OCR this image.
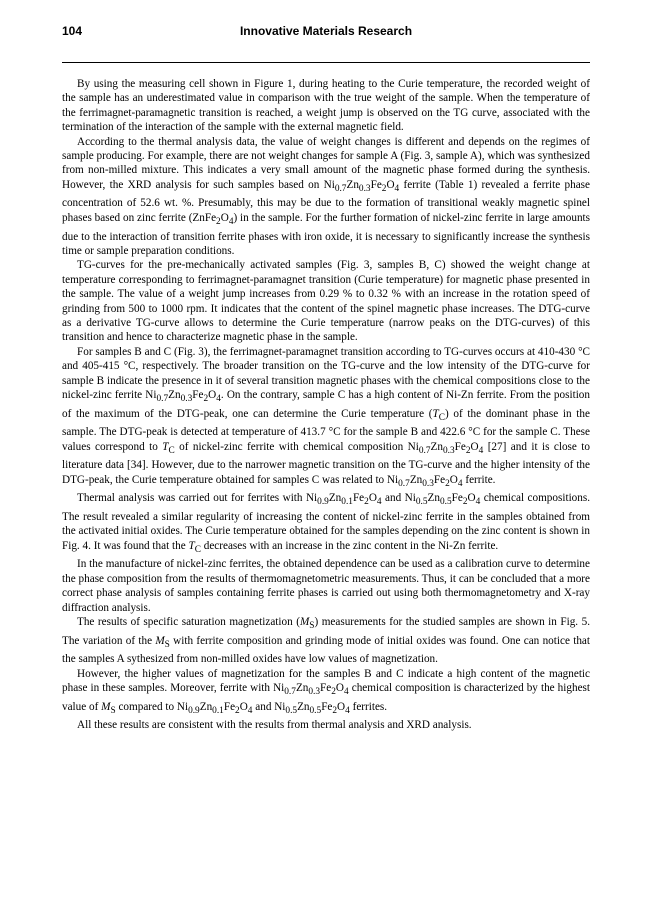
104	Innovative Materials Research

By using the measuring cell shown in Figure 1, during heating to the Curie temperature, the recorded weight of the sample has an underestimated value in comparison with the true weight of the sample. When the temperature of the ferrimagnet-paramagnetic transition is reached, a weight jump is observed on the TG curve, associated with the termination of the interaction of the sample with the external magnetic field.

According to the thermal analysis data, the value of weight changes is different and depends on the regimes of sample producing. For example, there are not weight changes for sample A (Fig. 3, sample A), which was synthesized from non-milled mixture. This indicates a very small amount of the magnetic phase formed during the synthesis. However, the XRD analysis for such samples based on $Ni_{0.7}Zn_{0.3}Fe_2O_4$ ferrite (Table 1) revealed a ferrite phase concentration of 52.6 wt. %. Presumably, this may be due to the formation of transitional weakly magnetic spinel phases based on zinc ferrite $(ZnFe_2O_4)$ in the sample. For the further formation of nickel-zinc ferrite in large amounts due to the interaction of transition ferrite phases with iron oxide, it is necessary to significantly increase the synthesis time or sample preparation conditions.

TG-curves for the pre-mechanically activated samples (Fig. 3, samples B, C) showed the weight change at temperature corresponding to ferrimagnet-paramagnet transition (Curie temperature) for magnetic phase presented in the sample. The value of a weight jump increases from 0.29 % to 0.32 % with an increase in the rotation speed of grinding from 500 to 1000 rpm. It indicates that the content of the spinel magnetic phase increases. The DTG-curve as a derivative TG-curve allows to determine the Curie temperature (narrow peaks on the DTG-curves) of this transition and hence to characterize magnetic phase in the sample.

For samples B and C (Fig. 3), the ferrimagnet-paramagnet transition according to TG-curves occurs at 410-430 °C and 405-415 °C, respectively. The broader transition on the TG-curve and the low intensity of the DTG-curve for sample B indicate the presence in it of several transition magnetic phases with the chemical compositions close to the nickel-zinc ferrite $Ni_{0.7}Zn_{0.3}Fe_2O_4$. On the contrary, sample C has a high content of Ni-Zn ferrite. From the position of the maximum of the DTG-peak, one can determine the Curie temperature $(T_C)$ of the dominant phase in the sample. The DTG-peak is detected at temperature of 413.7 °C for the sample B and 422.6 °C for the sample C. These values correspond to $T_C$ of nickel-zinc ferrite with chemical composition $Ni_{0.7}Zn_{0.3}Fe_2O_4$ [27] and it is close to literature data [34]. However, due to the narrower magnetic transition on the TG-curve and the higher intensity of the DTG-peak, the Curie temperature obtained for samples C was related to $Ni_{0.7}Zn_{0.3}Fe_2O_4$ ferrite.

Thermal analysis was carried out for ferrites with $Ni_{0.9}Zn_{0.1}Fe_2O_4$ and $Ni_{0.5}Zn_{0.5}Fe_2O_4$ chemical compositions. The result revealed a similar regularity of increasing the content of nickel-zinc ferrite in the samples obtained from the activated initial oxides. The Curie temperature obtained for the samples depending on the zinc content is shown in Fig. 4. It was found that the $T_C$ decreases with an increase in the zinc content in the Ni-Zn ferrite.

In the manufacture of nickel-zinc ferrites, the obtained dependence can be used as a calibration curve to determine the phase composition from the results of thermomagnetometric measurements. Thus, it can be concluded that a more correct phase analysis of samples containing ferrite phases is carried out using both thermomagnetometry and X-ray diffraction analysis.

The results of specific saturation magnetization $(M_S)$ measurements for the studied samples are shown in Fig. 5. The variation of the $M_S$ with ferrite composition and grinding mode of initial oxides was found. One can notice that the samples A sythesized from non-milled oxides have low values of magnetization.

However, the higher values of magnetization for the samples B and C indicate a high content of the magnetic phase in these samples. Moreover, ferrite with $Ni_{0.7}Zn_{0.3}Fe_2O_4$ chemical composition is characterized by the highest value of $M_S$ compared to $Ni_{0.9}Zn_{0.1}Fe_2O_4$ and $Ni_{0.5}Zn_{0.5}Fe_2O_4$ ferrites.

All these results are consistent with the results from thermal analysis and XRD analysis.
